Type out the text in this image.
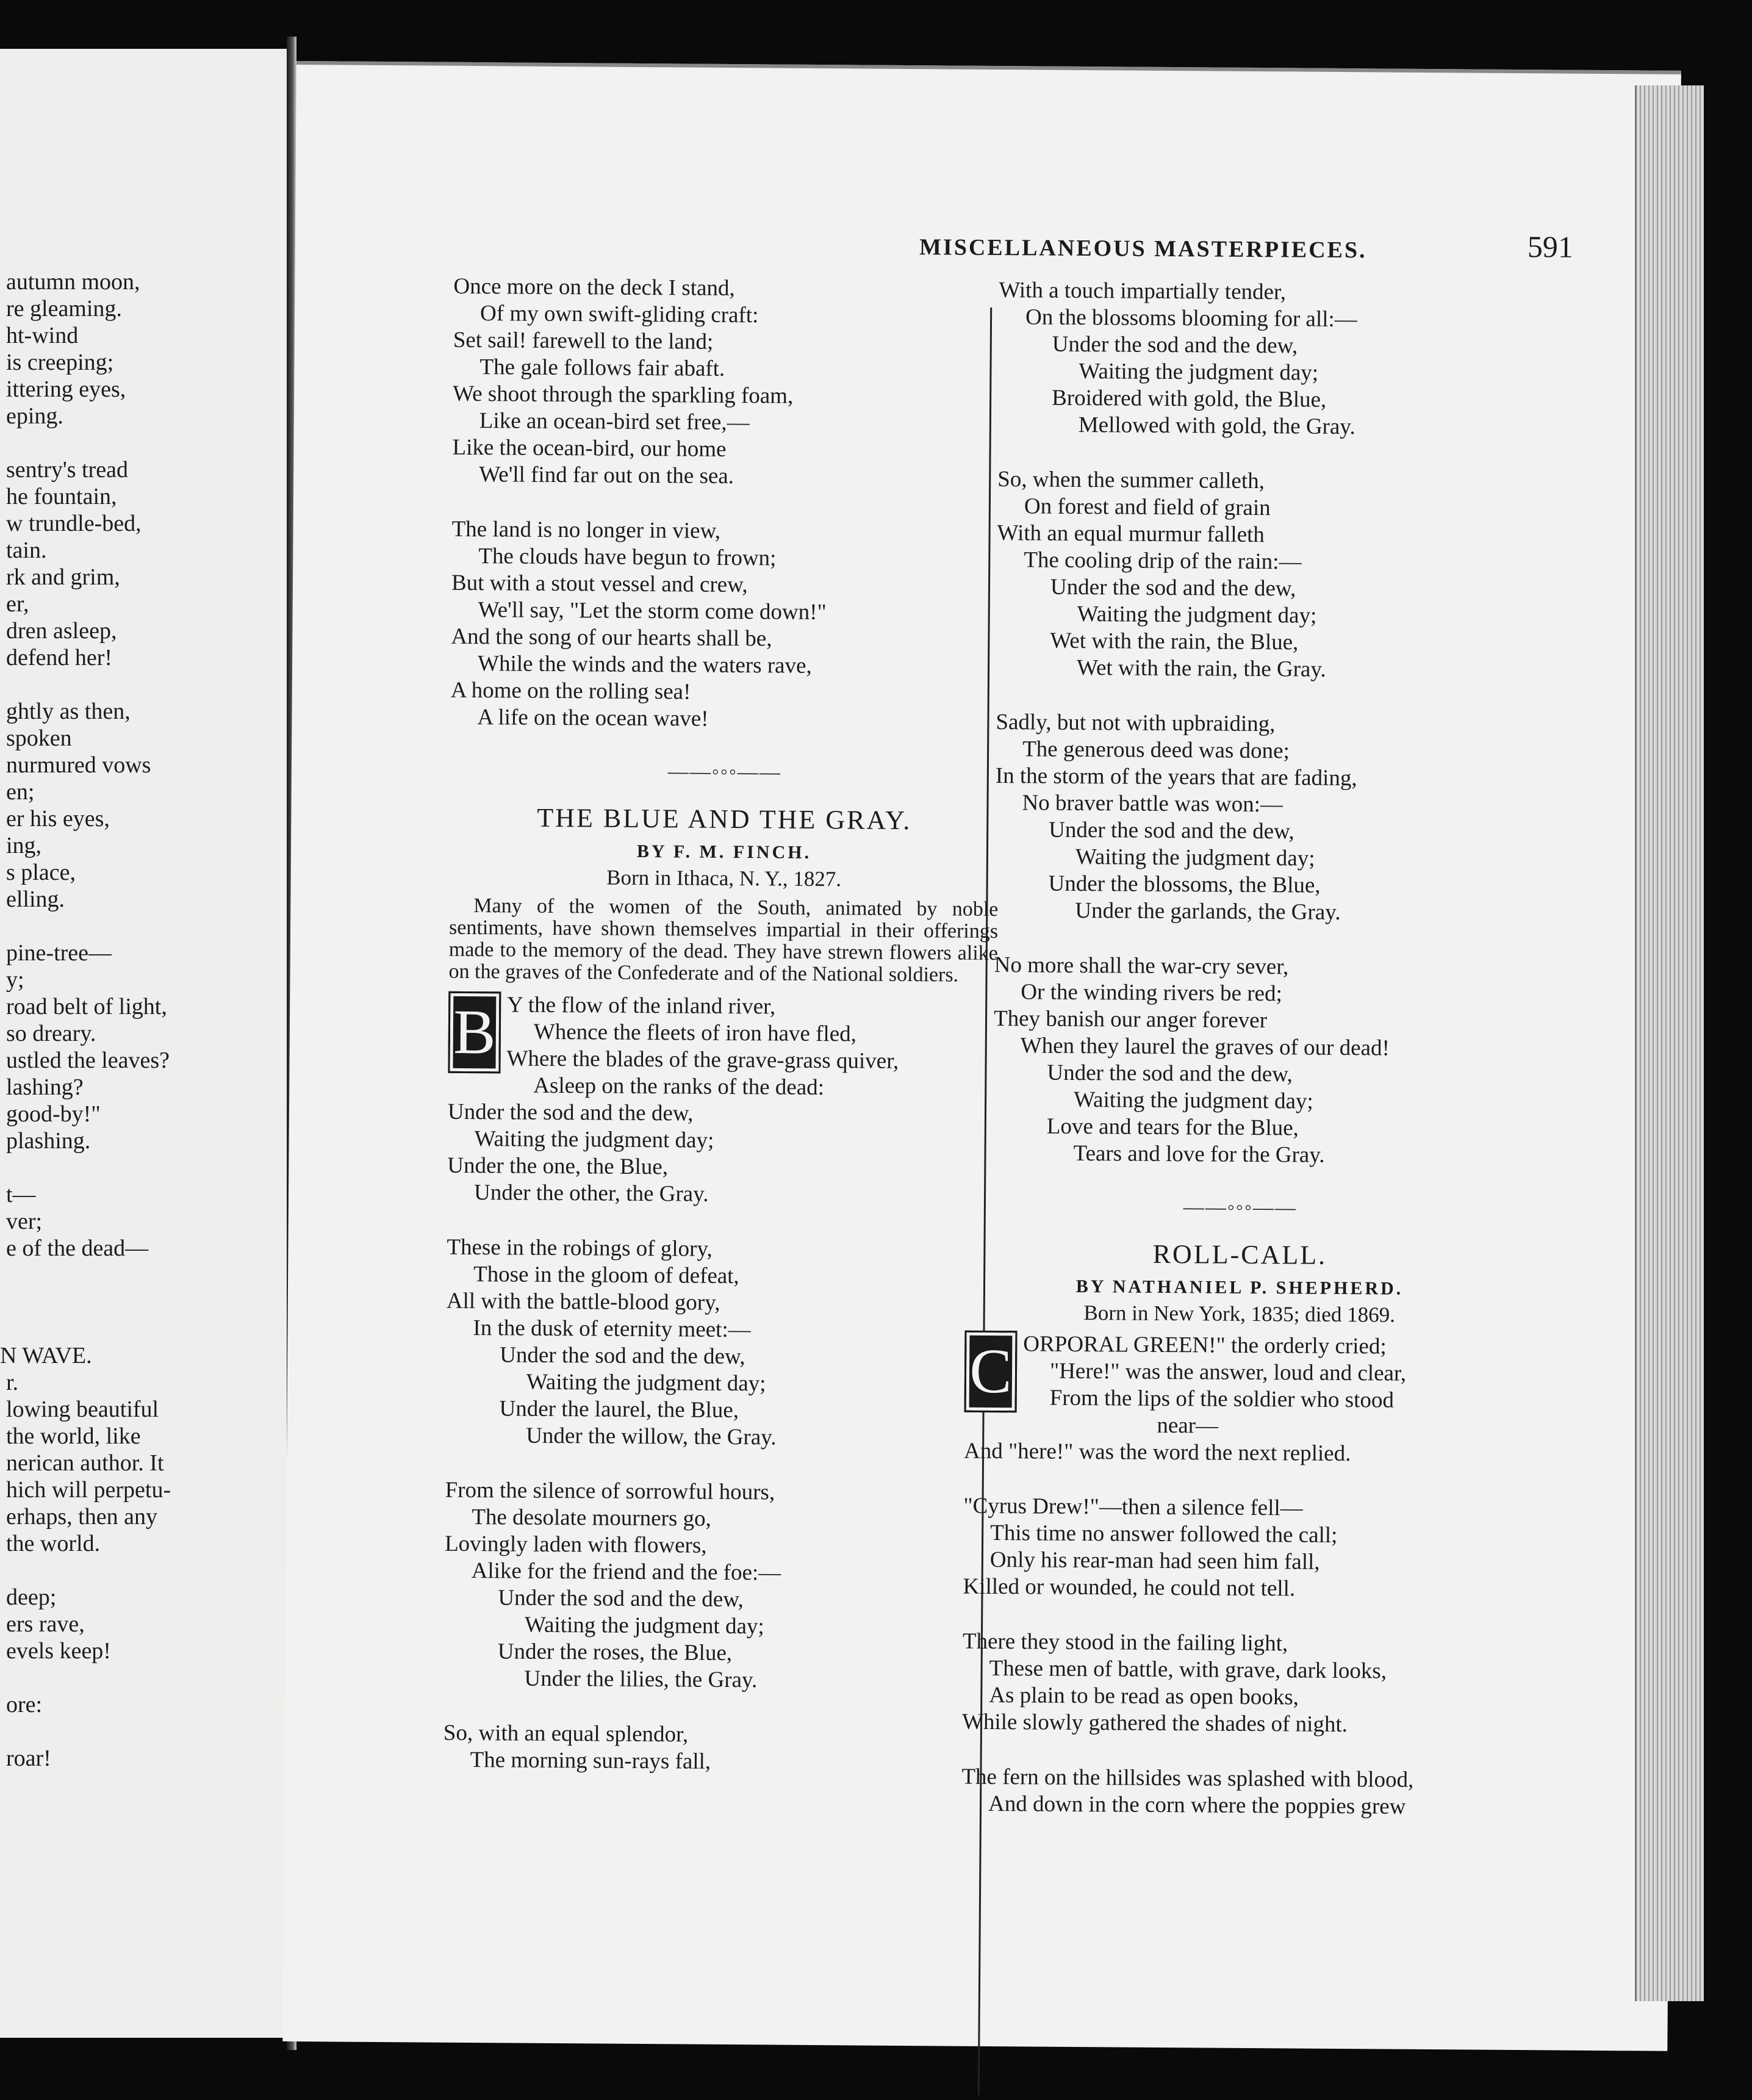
autumn moon,
re gleaming.
ht-wind
is creeping;
ittering eyes,
eping.
sentry's tread
he fountain,
w trundle-bed,
tain.
rk and grim,
er,
dren asleep,
defend her!
ghtly as then,
spoken
nurmured vows
en;
er his eyes,
ing,
s place,
elling.
pine-tree—
y;
road belt of light,
so dreary.
ustled the leaves?
lashing?
good-by!"
plashing.
t—
ver;
e of the dead—
N WAVE.
r.
lowing beautiful
the world, like
nerican author. It
hich will perpetu-
erhaps, then any
the world.
deep;
ers rave,
evels keep!
ore:
roar!
MISCELLANEOUS MASTERPIECES.	591
Once more on the deck I stand,
Of my own swift-gliding craft:
Set sail! farewell to the land;
The gale follows fair abaft.
We shoot through the sparkling foam,
Like an ocean-bird set free,—
Like the ocean-bird, our home
We'll find far out on the sea.
The land is no longer in view,
The clouds have begun to frown;
But with a stout vessel and crew,
We'll say, "Let the storm come down!"
And the song of our hearts shall be,
While the winds and the waters rave,
A home on the rolling sea!
A life on the ocean wave!
——◦◦◦——
THE BLUE AND THE GRAY.
BY F. M. FINCH.
Born in Ithaca, N. Y., 1827.
Many of the women of the South, animated by noble sentiments, have shown themselves impartial in their offerings made to the memory of the dead. They have strewn flowers alike on the graves of the Confederate and of the National soldiers.
B Y the flow of the inland river,
Whence the fleets of iron have fled,
Where the blades of the grave-grass quiver,
Asleep on the ranks of the dead:
Under the sod and the dew,
Waiting the judgment day;
Under the one, the Blue,
Under the other, the Gray.
These in the robings of glory,
Those in the gloom of defeat,
All with the battle-blood gory,
In the dusk of eternity meet:—
Under the sod and the dew,
Waiting the judgment day;
Under the laurel, the Blue,
Under the willow, the Gray.
From the silence of sorrowful hours,
The desolate mourners go,
Lovingly laden with flowers,
Alike for the friend and the foe:—
Under the sod and the dew,
Waiting the judgment day;
Under the roses, the Blue,
Under the lilies, the Gray.
So, with an equal splendor,
The morning sun-rays fall,
With a touch impartially tender,
On the blossoms blooming for all:—
Under the sod and the dew,
Waiting the judgment day;
Broidered with gold, the Blue,
Mellowed with gold, the Gray.
So, when the summer calleth,
On forest and field of grain
With an equal murmur falleth
The cooling drip of the rain:—
Under the sod and the dew,
Waiting the judgment day;
Wet with the rain, the Blue,
Wet with the rain, the Gray.
Sadly, but not with upbraiding,
The generous deed was done;
In the storm of the years that are fading,
No braver battle was won:—
Under the sod and the dew,
Waiting the judgment day;
Under the blossoms, the Blue,
Under the garlands, the Gray.
No more shall the war-cry sever,
Or the winding rivers be red;
They banish our anger forever
When they laurel the graves of our dead!
Under the sod and the dew,
Waiting the judgment day;
Love and tears for the Blue,
Tears and love for the Gray.
——◦◦◦——
ROLL-CALL.
BY NATHANIEL P. SHEPHERD.
Born in New York, 1835; died 1869.
C ORPORAL GREEN!" the orderly cried;
"Here!" was the answer, loud and clear,
From the lips of the soldier who stood
near—
And "here!" was the word the next replied.
"Cyrus Drew!"—then a silence fell—
This time no answer followed the call;
Only his rear-man had seen him fall,
Killed or wounded, he could not tell.
There they stood in the failing light,
These men of battle, with grave, dark looks,
As plain to be read as open books,
While slowly gathered the shades of night.
The fern on the hillsides was splashed with blood,
And down in the corn where the poppies grew
